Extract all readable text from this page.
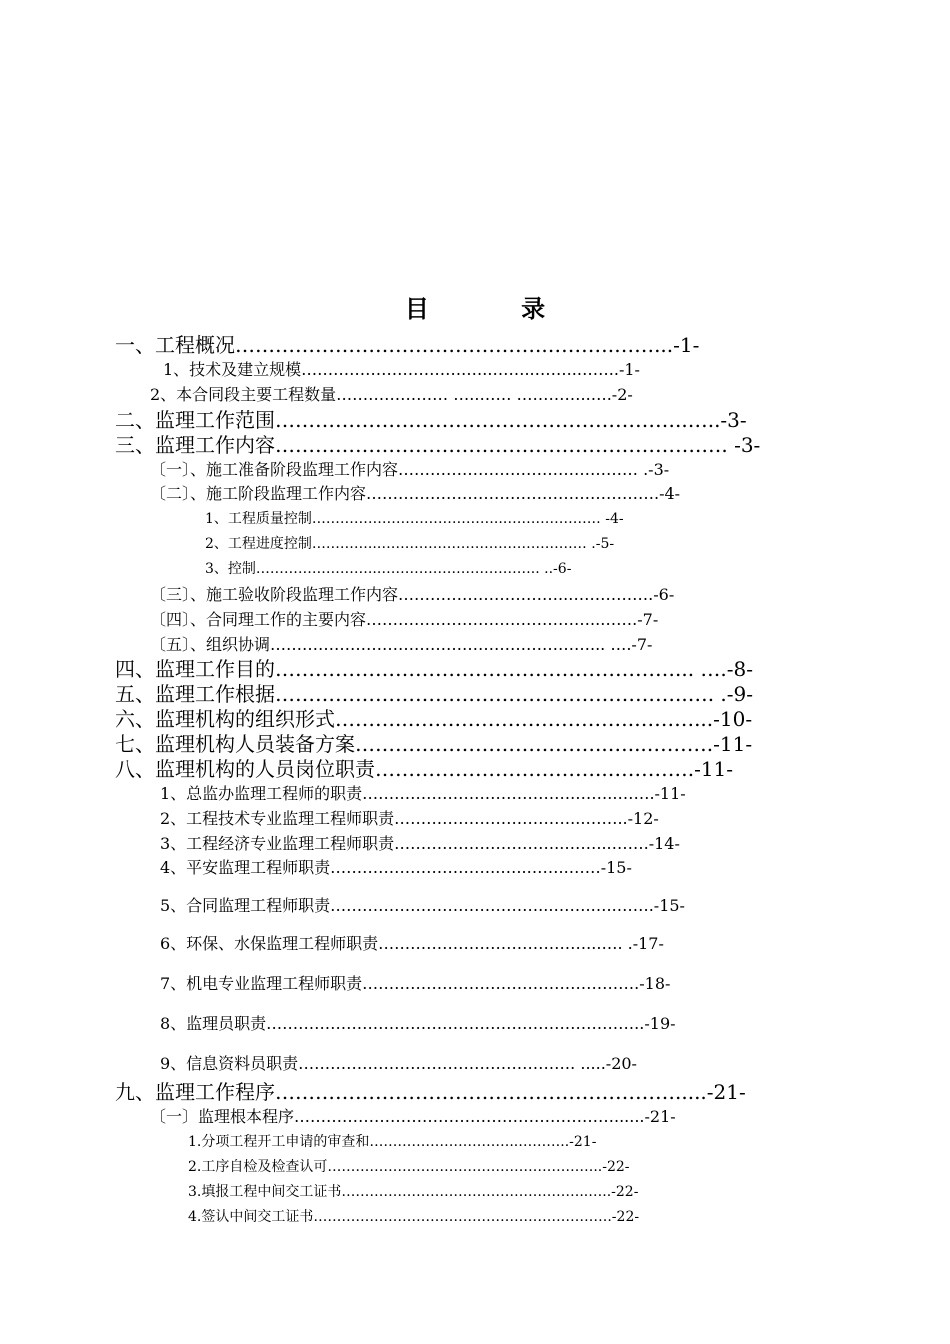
目 录
一、工程概况………………………………………..……….……...-1-
1、技术及建立规模………………………….…..……..……..……..-1-
2、本合同段主要工程数量………………… …..…… …………..….-2-
二、监理工作范围……………………………………………………..…..-3-
三、监理工作内容……………………………………………………….…. -3-
〔一〕、施工准备阶段监理工作内容……………………………………… .-3-
〔二〕、施工阶段监理工作内容……………………………………………….-4-
1、工程质量控制…………………………………..………………… -4-
2、工程进度控制…………..……………………………………… .-5-
3、控制……………………..…………………………….. ..-6-
〔三〕、施工验收阶段监理工作内容…………………………..…………….-6-
〔四〕、合同理工作的主要内容……………………………………..…….-7-
〔五〕、组织协调……………………………………………………... ….-7-
四、监理工作目的……………………………………………………... ….-8-
五、监理工作根据……………………………………………………..…. .-9-
六、监理机构的组织形式………..…………………………….………...-10-
七、监理机构人员装备方案………………………………..…...……….-11-
八、监理机构的人员岗位职责……………………………..………….-11-
1、总监办监理工程师的职责………………………………….……..…….-11-
2、工程技术专业监理工程师职责……………………………...……..-12-
3、工程经济专业监理工程师职责…………………………..……...…….-14-
4、平安监理工程师职责…………………………..…..……..……-15-
5、合同监理工程师职责…………………………………...…….…..…….-15-
6、环保、水保监理工程师职责…………………………………...…. .-17-
7、机电专业监理工程师职责…………………………………………….-18-
8、监理员职责……………………………………………………………..-19-
9、信息资料员职责……………………………………………. .....-20-
九、监理工作程序…………………………………………………….....-21-
〔一〕监理根本程序……………………………………………………......-21-
1.分项工程开工申请的审查和…………………………..………..-21-
2.工序自检及检查认可…………………………………………………..-22-
3.填报工程中间交工证书……………………………………………..…..-22-
4.签认中间交工证书……………………………………………………….-22-
